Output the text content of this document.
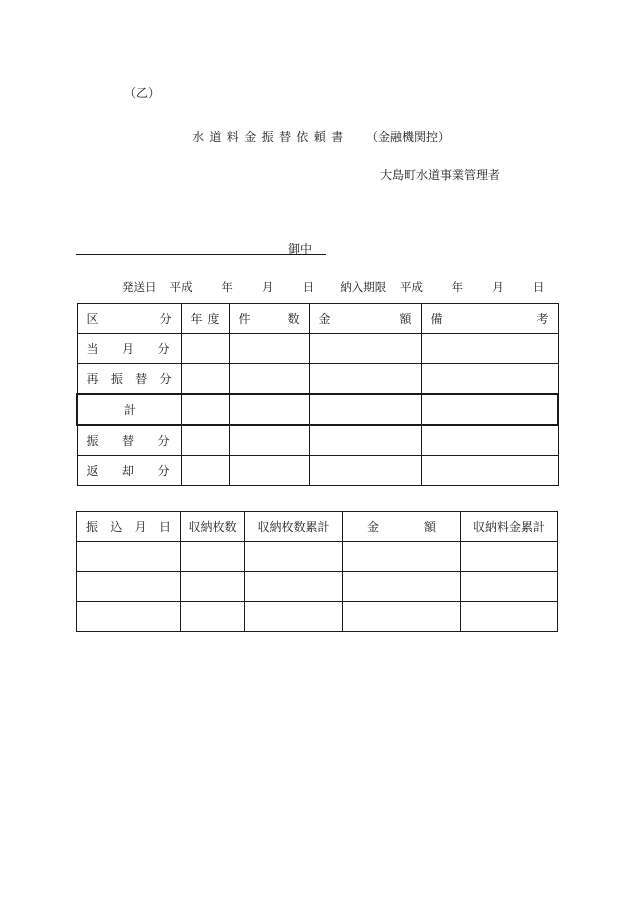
（乙）
水道料金振替依頼書 （金融機関控）
大島町水道事業管理者
御中
発送日 平成 年	月	日 納入期限 平成 年	月	日
区 分	年 度	件 数	金 額	備 考

当 月 分				

再 振 替 分				

計				

振 替 分				

返 却 分				

振 込 月 日	収納枚数	収納枚数累計	金 額	収納料金累計
